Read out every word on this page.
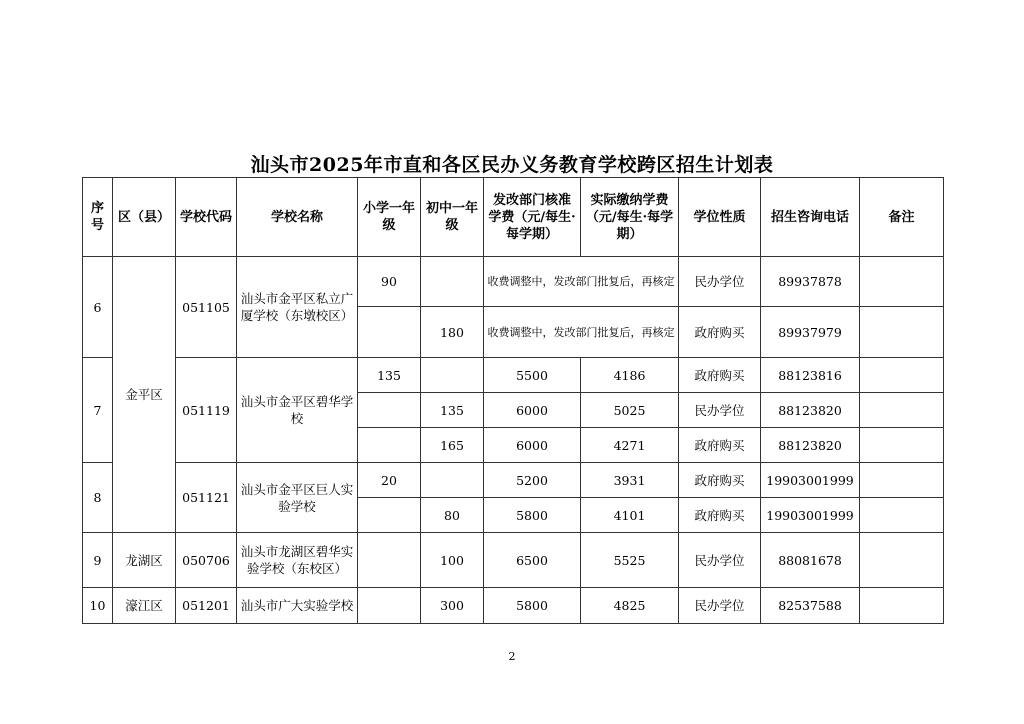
汕头市2025年市直和各区民办义务教育学校跨区招生计划表
序号	区（县）	学校代码	学校名称	小学一年级	初中一年级	发改部门核准学费（元/每生·每学期）	实际缴纳学费（元/每生·每学期）	学位性质	招生咨询电话	备注
6	金平区	051105	汕头市金平区私立广厦学校（东墩校区）	90		收费调整中，发改部门批复后，再核定		民办学位	89937878	
					180	收费调整中，发改部门批复后，再核定		政府购买	89937979	
7		051119	汕头市金平区碧华学校	135		5500	4186	政府购买	88123816	
					135	6000	5025	民办学位	88123820	
					165	6000	4271	政府购买	88123820	
8		051121	汕头市金平区巨人实验学校	20		5200	3931	政府购买	19903001999	
					80	5800	4101	政府购买	19903001999	
9	龙湖区	050706	汕头市龙湖区碧华实验学校（东校区）		100	6500	5525	民办学位	88081678	
10	濠江区	051201	汕头市广大实验学校		300	5800	4825	民办学位	82537588	
2
